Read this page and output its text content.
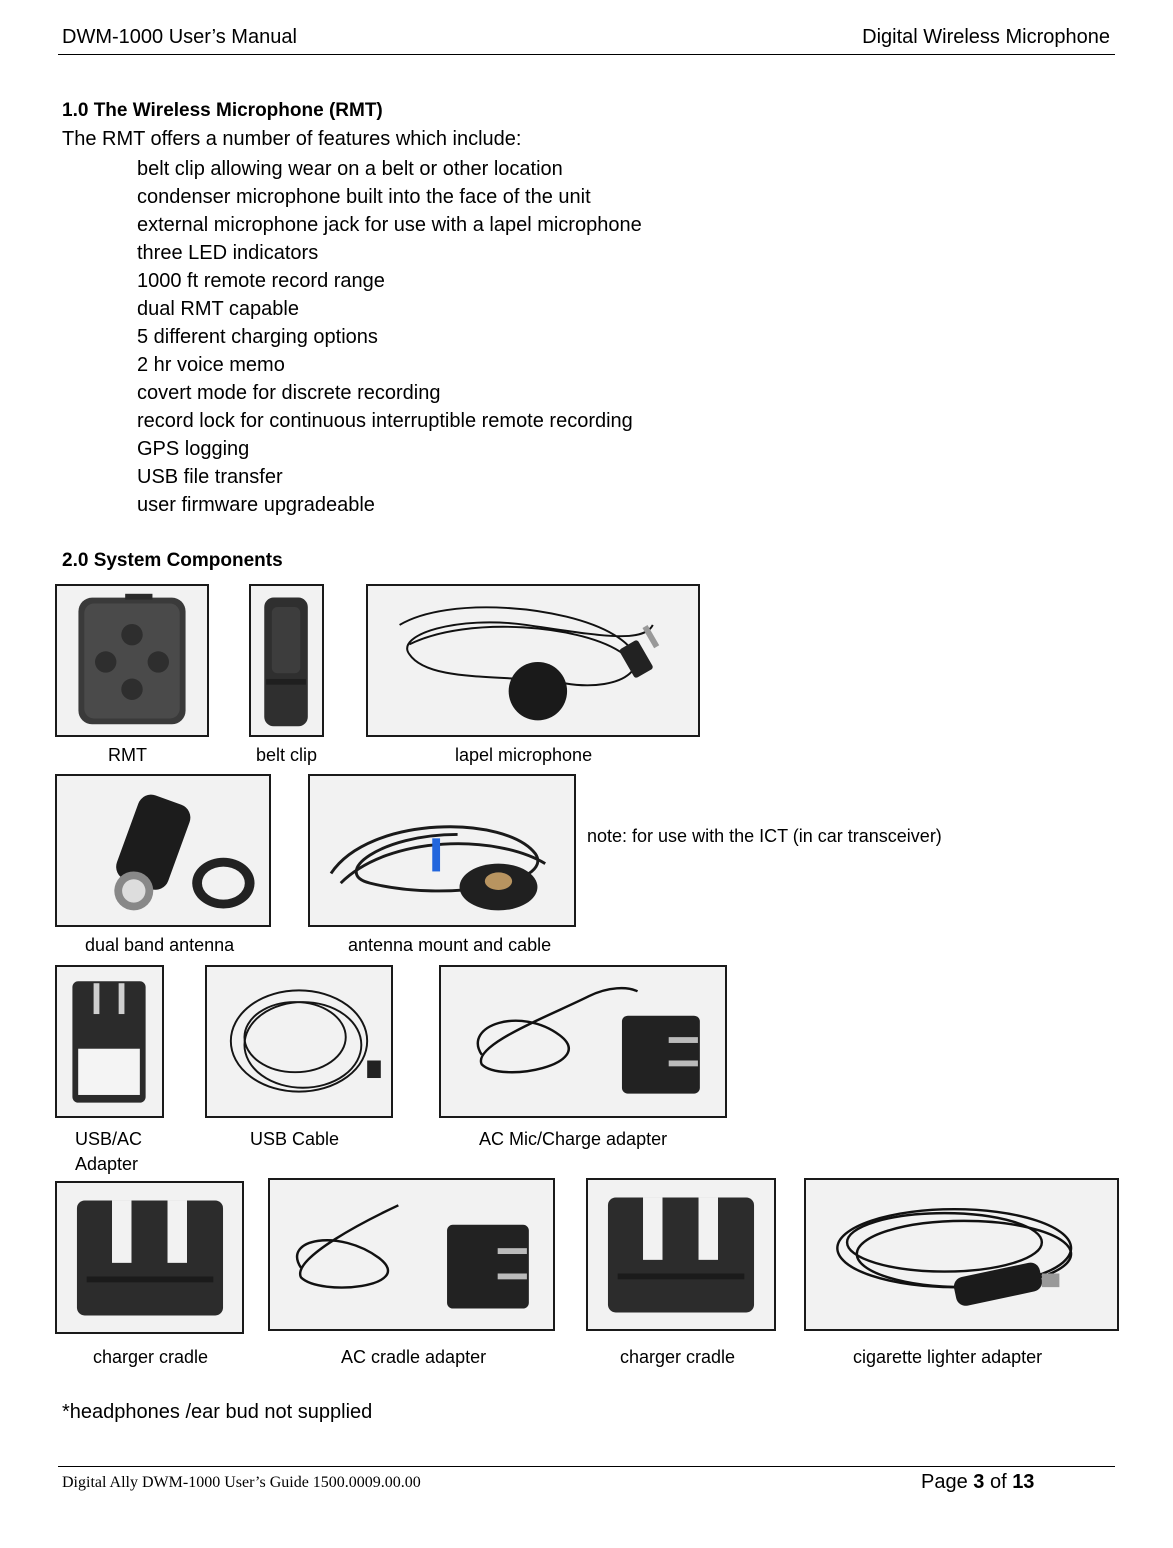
DWM-1000 User’s Manual	Digital Wireless Microphone
1.0 The Wireless Microphone (RMT)
The RMT offers a number of features which include:
belt clip allowing wear on a belt or other location
condenser microphone built into the face of the unit
external microphone jack for use with a lapel microphone
three LED indicators
1000 ft remote record range
dual RMT capable
5 different charging options
2 hr voice memo
covert mode for discrete recording
record lock for continuous interruptible remote recording
GPS logging
USB file transfer
user firmware upgradeable
2.0 System Components
RMT	belt clip	lapel microphone
note: for use with the ICT (in car transceiver)
dual band antenna	antenna mount and cable
USB/AC
Adapter
USB Cable	AC Mic/Charge adapter
charger cradle	AC cradle adapter	charger cradle	cigarette lighter adapter
*headphones /ear bud not supplied
Digital Ally DWM-1000 User’s Guide 1500.0009.00.00	Page 3 of 13
